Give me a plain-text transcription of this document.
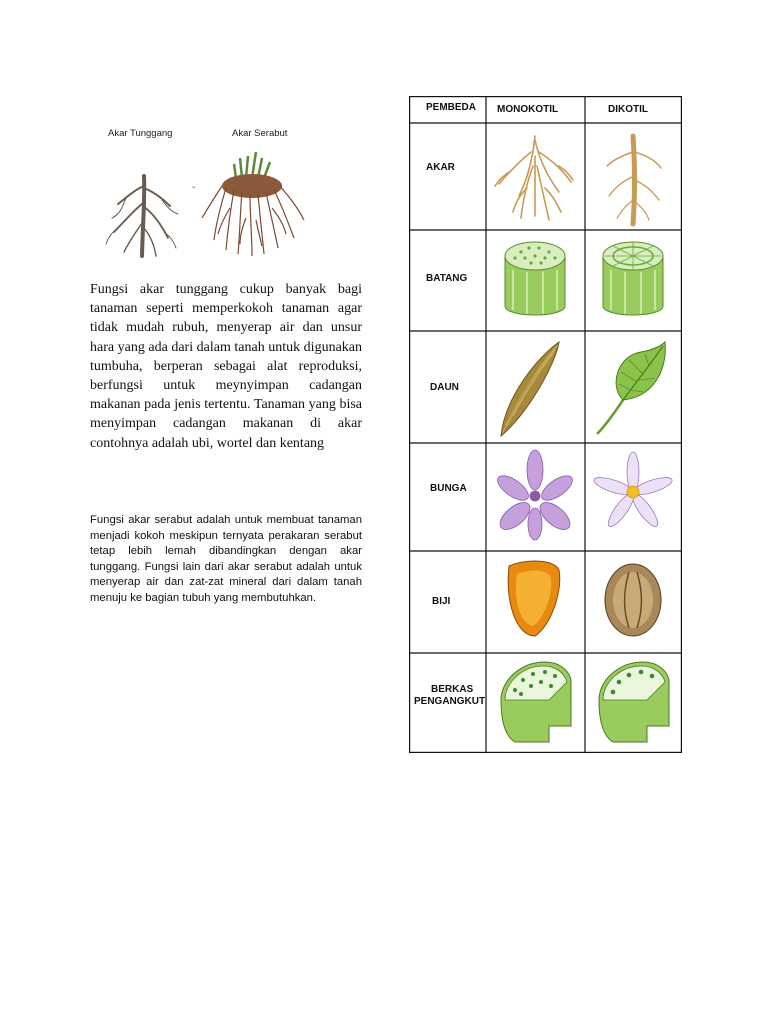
Akar Tunggang	Akar Serabut
-

Fungsi akar tunggang cukup banyak bagi tanaman seperti memperkokoh tanaman agar tidak mudah rubuh, menyerap air dan unsur hara yang ada dari dalam tanah untuk digunakan tumbuha, berperan sebagai alat reproduksi, berfungsi untuk meynyimpan cadangan makanan pada jenis tertentu. Tanaman yang bisa menyimpan cadangan makanan di akar contohnya adalah ubi, wortel dan kentang

Fungsi akar serabut adalah untuk membuat tanaman menjadi kokoh meskipun ternyata perakaran serabut tetap lebih lemah dibandingkan dengan akar tunggang. Fungsi lain dari akar serabut adalah untuk menyerap air dan zat-zat mineral dari dalam tanah menuju ke bagian tubuh yang membutuhkan.

PEMBEDA MONOKOTIL	DIKOTIL
AKAR
BATANG
DAUN
BUNGA
BIJI
BERKAS
PENGANGKUT
